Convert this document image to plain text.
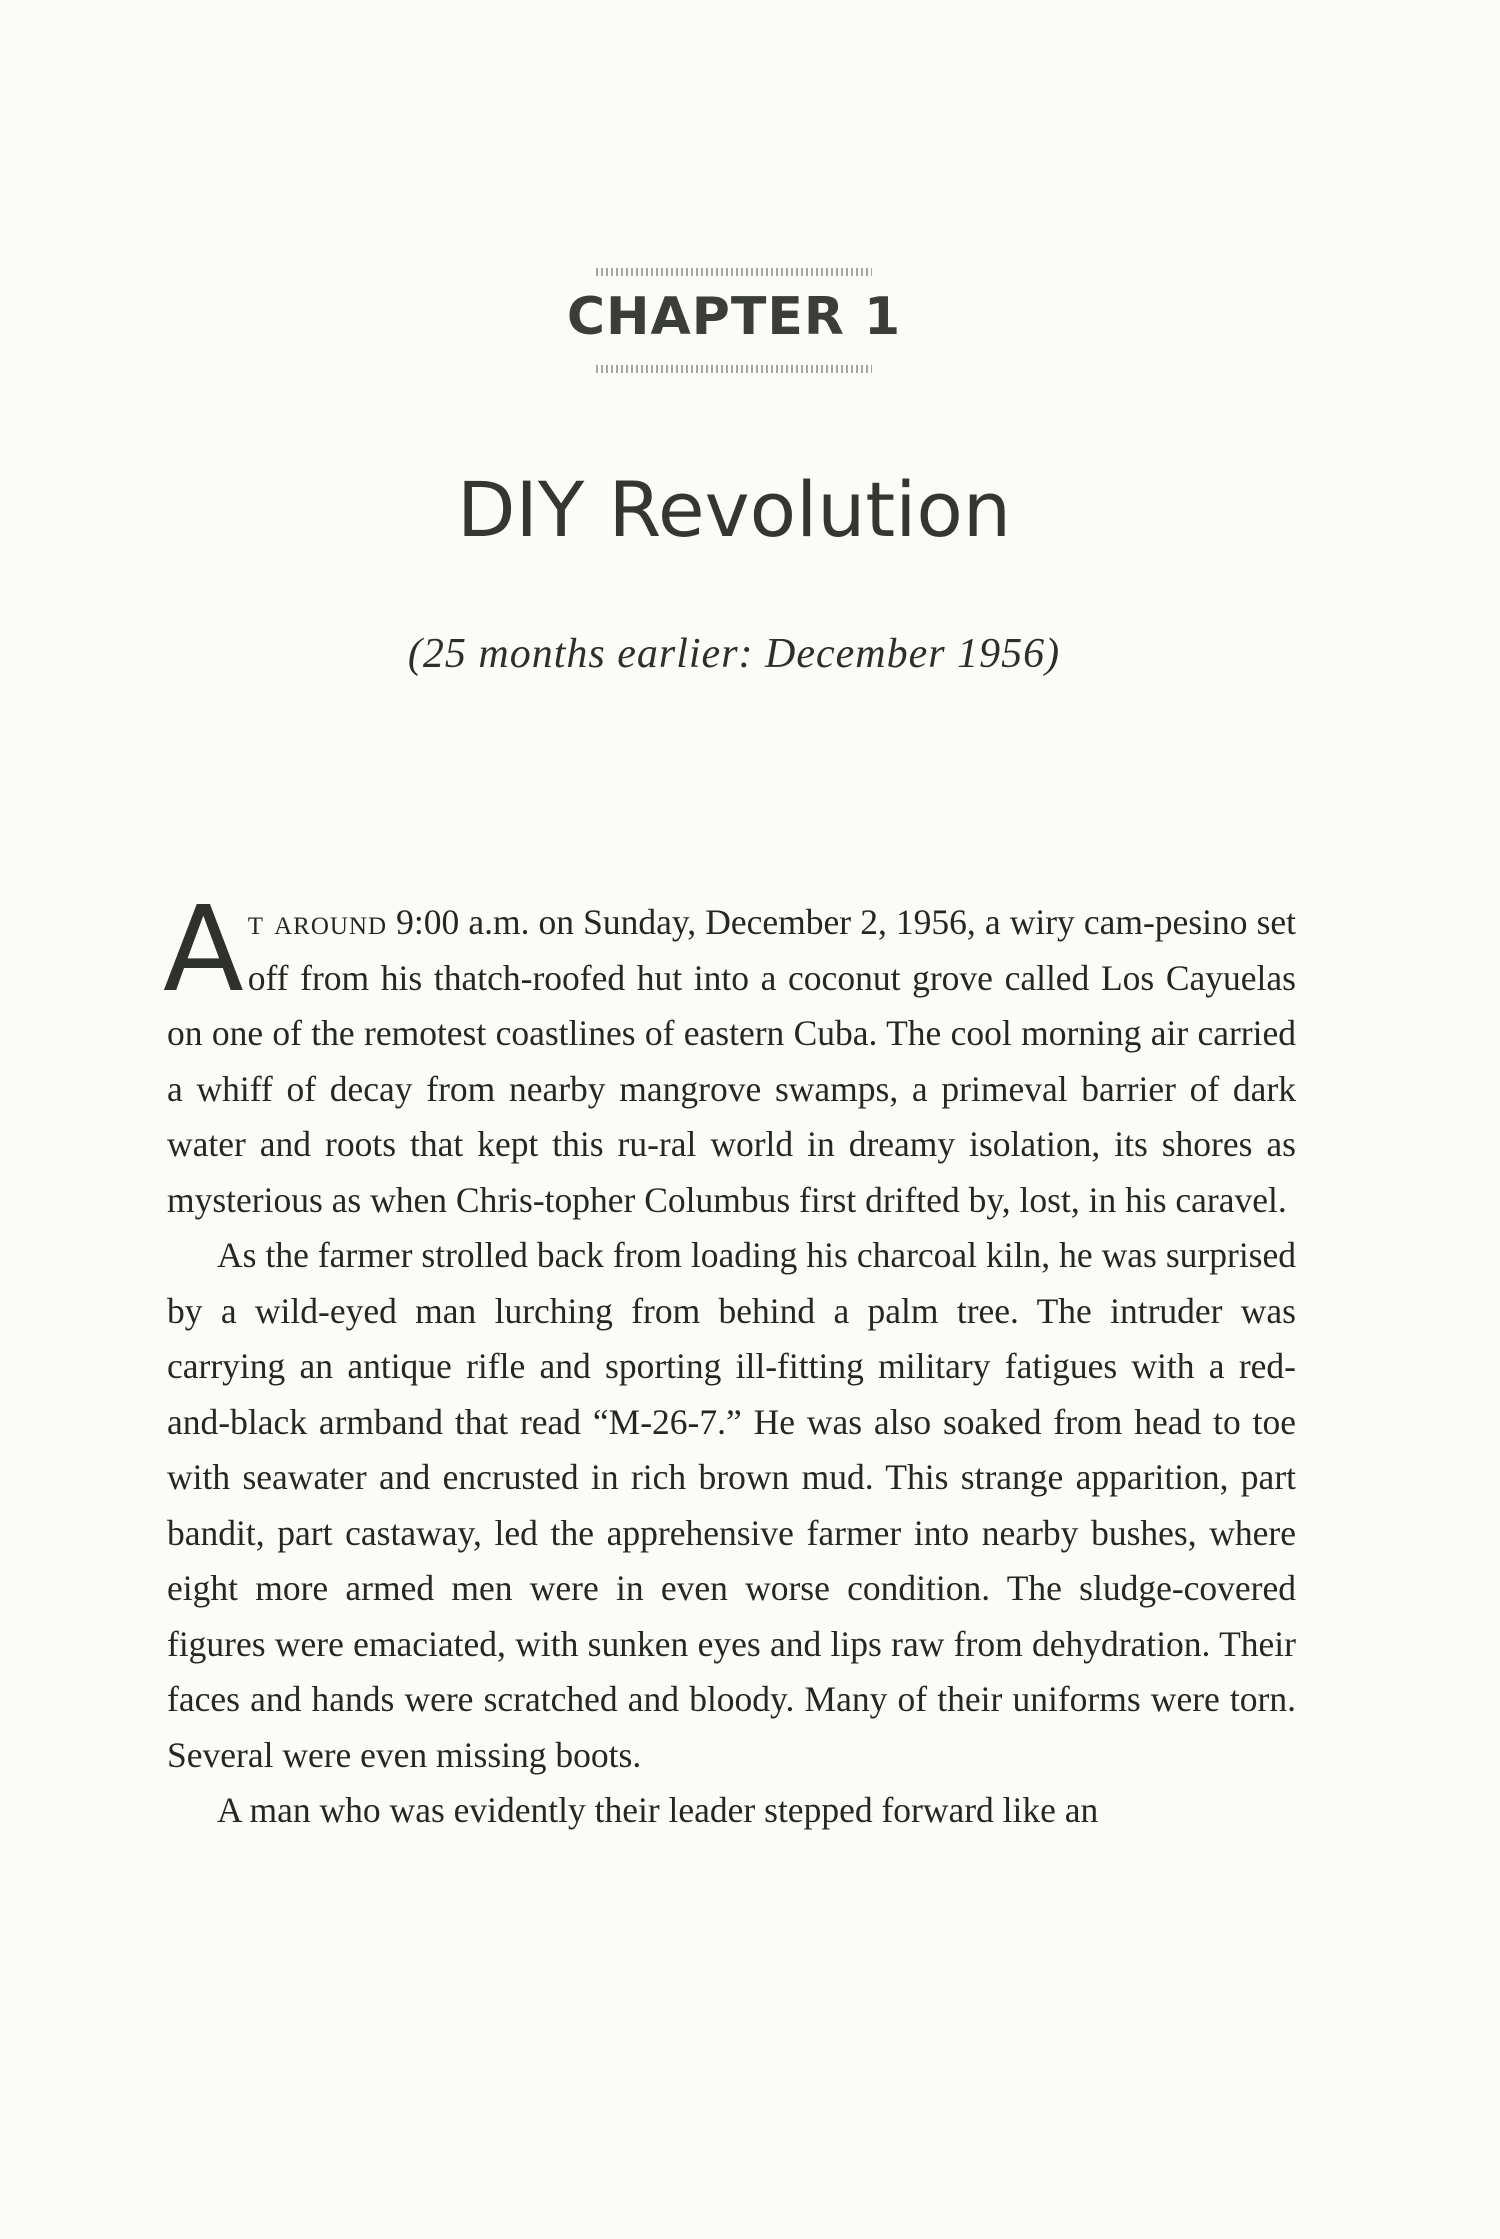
CHAPTER 1
DIY Revolution
(25 months earlier: December 1956)

At around 9:00 a.m. on Sunday, December 2, 1956, a wiry cam-pesino set off from his thatch-roofed hut into a coconut grove called Los Cayuelas on one of the remotest coastlines of eastern Cuba. The cool morning air carried a whiff of decay from nearby mangrove swamps, a primeval barrier of dark water and roots that kept this ru-ral world in dreamy isolation, its shores as mysterious as when Chris-topher Columbus first drifted by, lost, in his caravel.

As the farmer strolled back from loading his charcoal kiln, he was surprised by a wild-eyed man lurching from behind a palm tree. The intruder was carrying an antique rifle and sporting ill-fitting military fatigues with a red-and-black armband that read “M-26-7.” He was also soaked from head to toe with seawater and encrusted in rich brown mud. This strange apparition, part bandit, part castaway, led the apprehensive farmer into nearby bushes, where eight more armed men were in even worse condition. The sludge-covered figures were emaciated, with sunken eyes and lips raw from dehydration. Their faces and hands were scratched and bloody. Many of their uniforms were torn. Several were even missing boots.

A man who was evidently their leader stepped forward like an
